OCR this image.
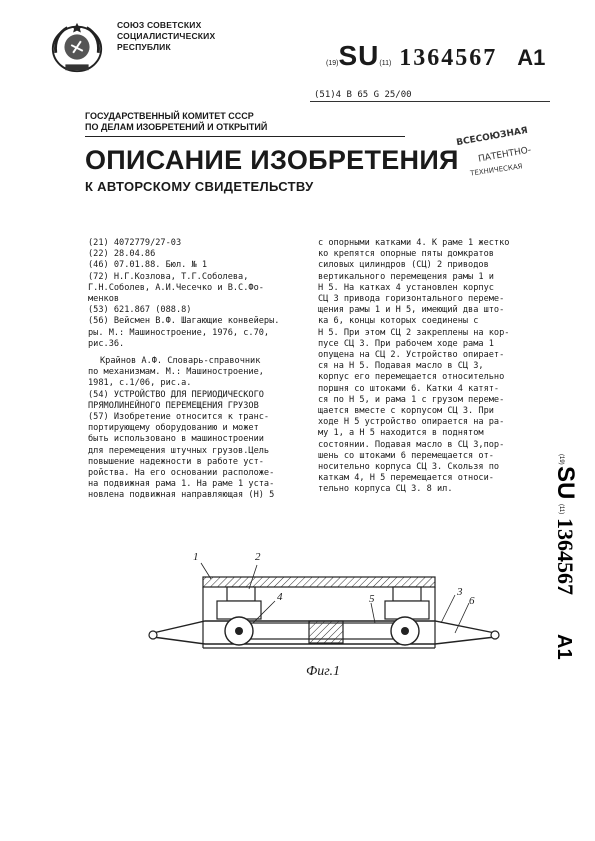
СОЮЗ СОВЕТСКИХ
СОЦИАЛИСТИЧЕСКИХ
РЕСПУБЛИК
(19)SU(11) 1364567 A1
(51)4 В 65 G 25/00
ГОСУДАРСТВЕННЫЙ КОМИТЕТ СССР
ПО ДЕЛАМ ИЗОБРЕТЕНИЙ И ОТКРЫТИЙ
ОПИСАНИЕ ИЗОБРЕТЕНИЯ
К АВТОРСКОМУ СВИДЕТЕЛЬСТВУ
ВСЕСОЮЗНАЯ
ПАТЕНТНО-
ТЕХНИЧЕСКАЯ
(21) 4072779/27-03
(22) 28.04.86
(46) 07.01.88. Бюл. № 1
(72) Н.Г.Козлова, Т.Г.Соболева,
Г.Н.Соболев, А.И.Чесечко и В.С.Фо-
менков
(53) 621.867 (088.8)
(56) Вейсмен В.Ф. Шагающие конвейеры.
ры. М.: Машиностроение, 1976, с.70,
рис.36.
Крайнов А.Ф. Словарь-справочник
по механизмам. М.: Машиностроение,
1981, с.1/06, рис.а.
(54) УСТРОЙСТВО ДЛЯ ПЕРИОДИЧЕСКОГО
ПРЯМОЛИНЕЙНОГО ПЕРЕМЕЩЕНИЯ ГРУЗОВ
(57) Изобретение относится к транс-
портирующему оборудованию и может
быть использовано в машиностроении
для перемещения штучных грузов.Цель
повышение надежности в работе уст-
ройства. На его основании расположе-
на подвижная рама 1. На раме 1 уста-
новлена подвижная направляющая (Н) 5
с опорными катками 4. К раме 1 жестко
ко крепятся опорные пяты домкратов
силовых цилиндров (СЦ) 2 приводов
вертикального перемещения рамы 1 и
Н 5. На катках 4 установлен корпус
СЦ 3 привода горизонтального переме-
щения рамы 1 и Н 5, имеющий два што-
ка 6, концы которых соединены с
Н 5. При этом СЦ 2 закреплены на кор-
пусе СЦ 3. При рабочем ходе рама 1
опущена на СЦ 2. Устройство опирает-
ся на Н 5. Подавая масло в СЦ 3,
корпус его перемещается относительно
поршня со штоками 6. Катки 4 катят-
ся по Н 5, и рама 1 с грузом переме-
щается вместе с корпусом СЦ 3. При
ходе Н 5 устройство опирается на ра-
му 1, а Н 5 находится в поднятом
состоянии. Подавая масло в СЦ 3,пор-
шень со штоками 6 перемещается от-
носительно корпуса СЦ 3. Скользя по
каткам 4, Н 5 перемещается относи-
тельно корпуса СЦ 3. 8 ил.
(19)
SU
(11)
1364567
A1
1	2
4	5
3
6
Фиг.1
